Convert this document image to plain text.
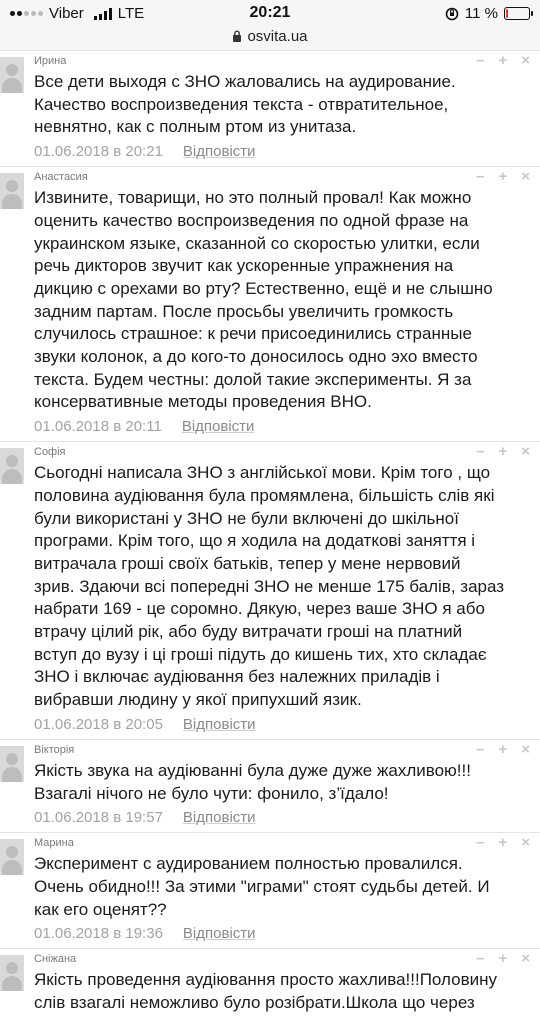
Viber LTE	20:21	11 %
osvita.ua
Ирина	– + ×

Все дети выходя с ЗНО жаловались на аудирование.
Качество воспроизведения текста - отвратительное,
невнятно, как с полным ртом из унитаза.

01.06.2018 в 20:21 Відповісти
Анастасия	– + ×

Извините, товарищи, но это полный провал! Как можно
оценить качество воспроизведения по одной фразе на
украинском языке, сказанной со скоростью улитки, если
речь дикторов звучит как ускоренные упражнения на
дикцию с орехами во рту? Естественно, ещё и не слышно
задним партам. После просьбы увеличить громкость
случилось страшное: к речи присоединились странные
звуки колонок, а до кого-то доносилось одно эхо вместо
текста. Будем честны: долой такие эксперименты. Я за
консервативные методы проведения ВНО.

01.06.2018 в 20:11 Відповісти
Софія	– + ×

Сьогодні написала ЗНО з англійської мови. Крім того , що
половина аудіювання була промямлена, більшість слів які
були використані у ЗНО не були включені до шкільної
програми. Крім того, що я ходила на додаткові заняття і
витрачала гроші своїх батьків, тепер у мене нервовий
зрив. Здаючи всі попередні ЗНО не менше 175 балів, зараз
набрати 169 - це соромно. Дякую, через ваше ЗНО я або
втрачу цілий рік, або буду витрачати гроші на платний
вступ до вузу і ці гроші підуть до кишень тих, хто складає
ЗНО і включає аудіювання без належних приладів і
вибравши людину у якої припухший язик.

01.06.2018 в 20:05 Відповісти
Вікторія	– + ×

Якість звука на аудіюванні була дуже дуже жахливою!!!
Взагалі нічого не було чути: фонило, з’їдало!

01.06.2018 в 19:57 Відповісти
Марина	– + ×

Эксперимент с аудированием полностью провалился.
Очень обидно!!! За этими "играми" стоят судьбы детей. И
как его оценят??

01.06.2018 в 19:36 Відповісти
Сніжана	– + ×

Якість проведення аудіювання просто жахлива!!!Половину
слів взагалі неможливо було розібрати.Школа що через
